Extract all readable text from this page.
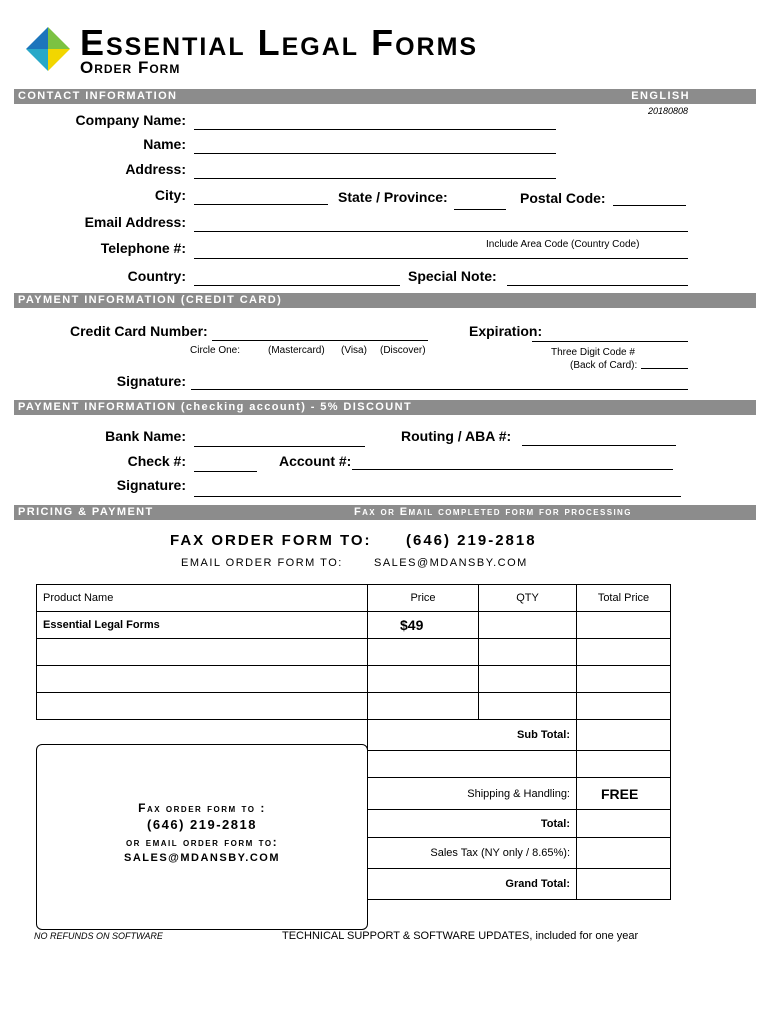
Essential Legal Forms
Order Form
CONTACT INFORMATION	ENGLISH
20180808
Company Name:
Name:
Address:
City:	State / Province:	Postal Code:
Email Address:
Telephone #:	Include Area Code (Country Code)
Country:	Special Note:
PAYMENT INFORMATION (CREDIT CARD)
Credit Card Number:
Circle One:	(Mastercard) (Visa) (Discover)
Expiration:
Three Digit Code #
(Back of Card):
Signature:
PAYMENT INFORMATION (checking account) - 5% DISCOUNT
Bank Name:	Routing / ABA #:
Check #:	Account #:
Signature:
PRICING & PAYMENT	Fax or Email completed form for processing
FAX ORDER FORM TO: (646) 219-2818
EMAIL ORDER FORM TO:	SALES@MDANSBY.COM
Product Name	Price	QTY	Total Price
Essential Legal Forms	$49		

	Sub Total:		

	Shipping & Handling:		FREE
	Total:		
	Sales Tax (NY only / 8.65%):		
	Grand Total:		
Fax order form to :
(646) 219-2818
or email order form to:
SALES@MDANSBY.COM
NO REFUNDS ON SOFTWARE	TECHNICAL SUPPORT & SOFTWARE UPDATES, included for one year
